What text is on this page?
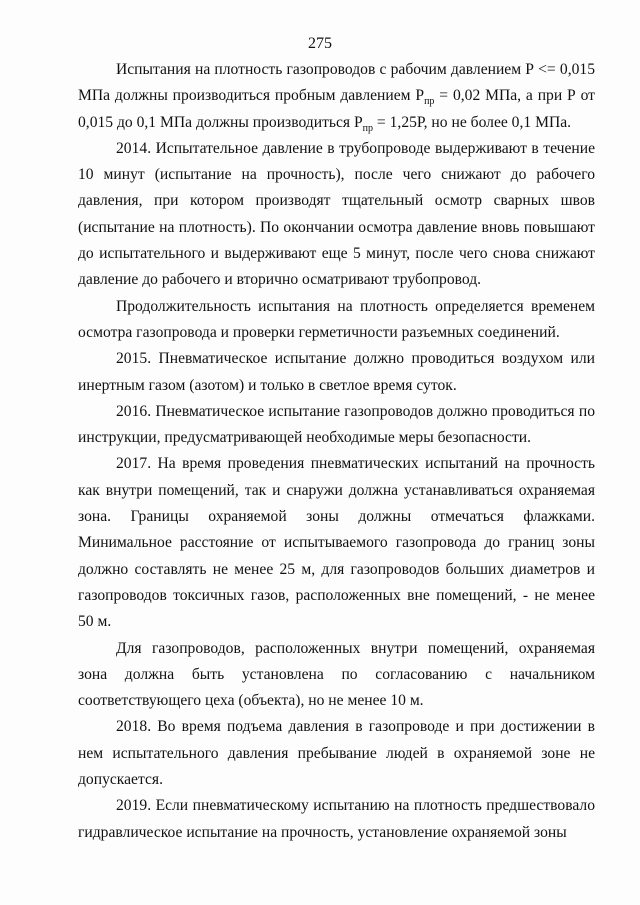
275

Испытания на плотность газопроводов с рабочим давлением Р <= 0,015 МПа должны производиться пробным давлением $Р_{пр} = 0,02$ МПа, а при Р от 0,015 до 0,1 МПа должны производиться $Р_{пр} = 1,25Р$, но не более 0,1 МПа.

2014. Испытательное давление в трубопроводе выдерживают в течение 10 минут (испытание на прочность), после чего снижают до рабочего давления, при котором производят тщательный осмотр сварных швов (испытание на плотность). По окончании осмотра давление вновь повышают до испытательного и выдерживают еще 5 минут, после чего снова снижают давление до рабочего и вторично осматривают трубопровод.

Продолжительность испытания на плотность определяется временем осмотра газопровода и проверки герметичности разъемных соединений.

2015. Пневматическое испытание должно проводиться воздухом или инертным газом (азотом) и только в светлое время суток.

2016. Пневматическое испытание газопроводов должно проводиться по инструкции, предусматривающей необходимые меры безопасности.

2017. На время проведения пневматических испытаний на прочность как внутри помещений, так и снаружи должна устанавливаться охраняемая зона. Границы охраняемой зоны должны отмечаться флажками. Минимальное расстояние от испытываемого газопровода до границ зоны должно составлять не менее 25 м, для газопроводов больших диаметров и газопроводов токсичных газов, расположенных вне помещений, - не менее 50 м.

Для газопроводов, расположенных внутри помещений, охраняемая зона должна быть установлена по согласованию с начальником соответствующего цеха (объекта), но не менее 10 м.

2018. Во время подъема давления в газопроводе и при достижении в нем испытательного давления пребывание людей в охраняемой зоне не допускается.

2019. Если пневматическому испытанию на плотность предшествовало гидравлическое испытание на прочность, установление охраняемой зоны
